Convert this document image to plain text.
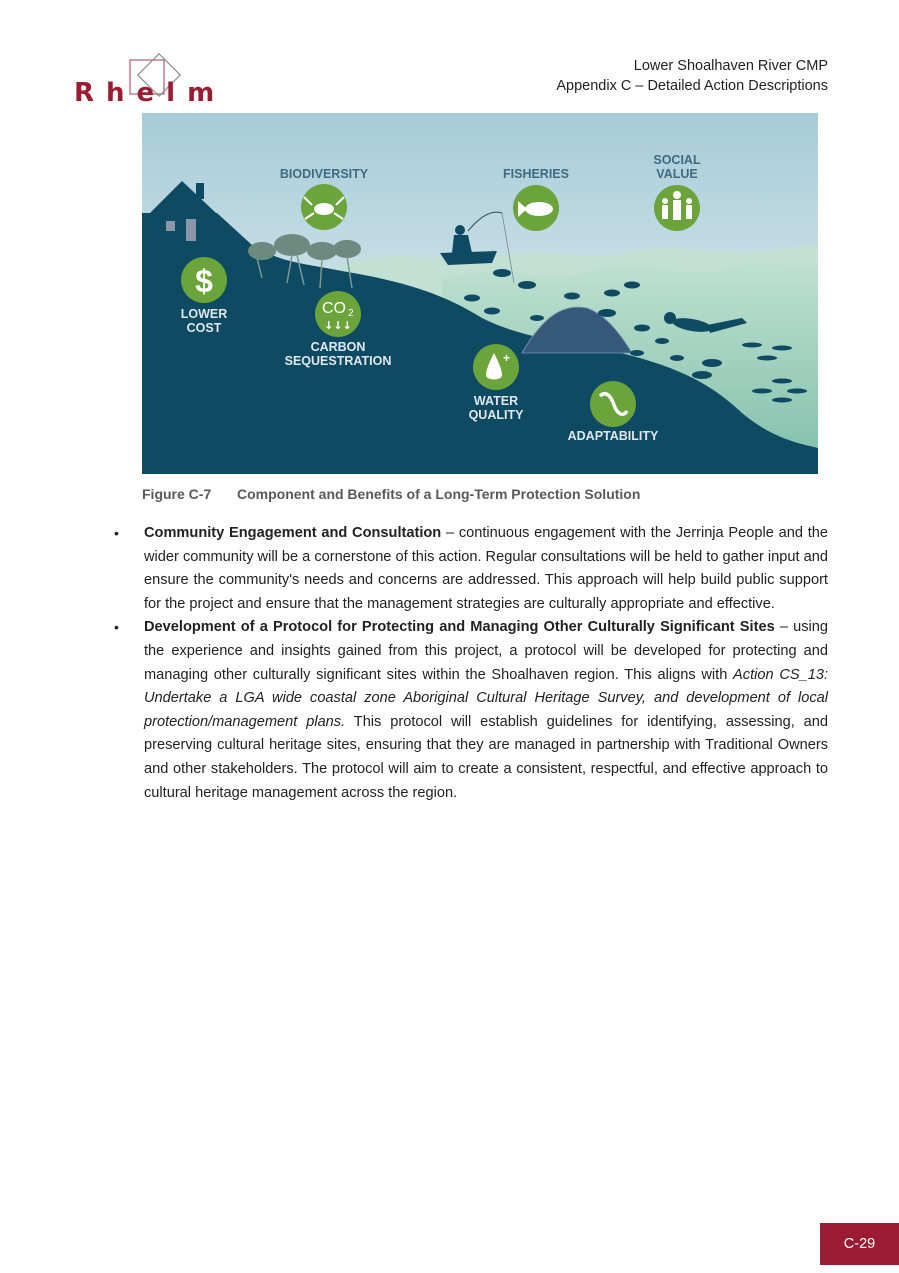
Rhelm
Lower Shoalhaven River CMP
Appendix C – Detailed Action Descriptions
$
CO 2
↓↓↓
+
BIODIVERSITY	FISHERIES
SOCIAL
VALUE
LOWER
COST
CARBON
SEQUESTRATION
WATER
QUALITY
ADAPTABILITY
Figure C-7 Component and Benefits of a Long-Term Protection Solution
• Community Engagement and Consultation – continuous engagement with the Jerrinja People and the wider community will be a cornerstone of this action. Regular consultations will be held to gather input and ensure the community's needs and concerns are addressed. This approach will help build public support for the project and ensure that the management strategies are culturally appropriate and effective.
• Development of a Protocol for Protecting and Managing Other Culturally Significant Sites – using the experience and insights gained from this project, a protocol will be developed for protecting and managing other culturally significant sites within the Shoalhaven region. This aligns with Action CS_13: Undertake a LGA wide coastal zone Aboriginal Cultural Heritage Survey, and development of local protection/management plans. This protocol will establish guidelines for identifying, assessing, and preserving cultural heritage sites, ensuring that they are managed in partnership with Traditional Owners and other stakeholders. The protocol will aim to create a consistent, respectful, and effective approach to cultural heritage management across the region.
C-29
